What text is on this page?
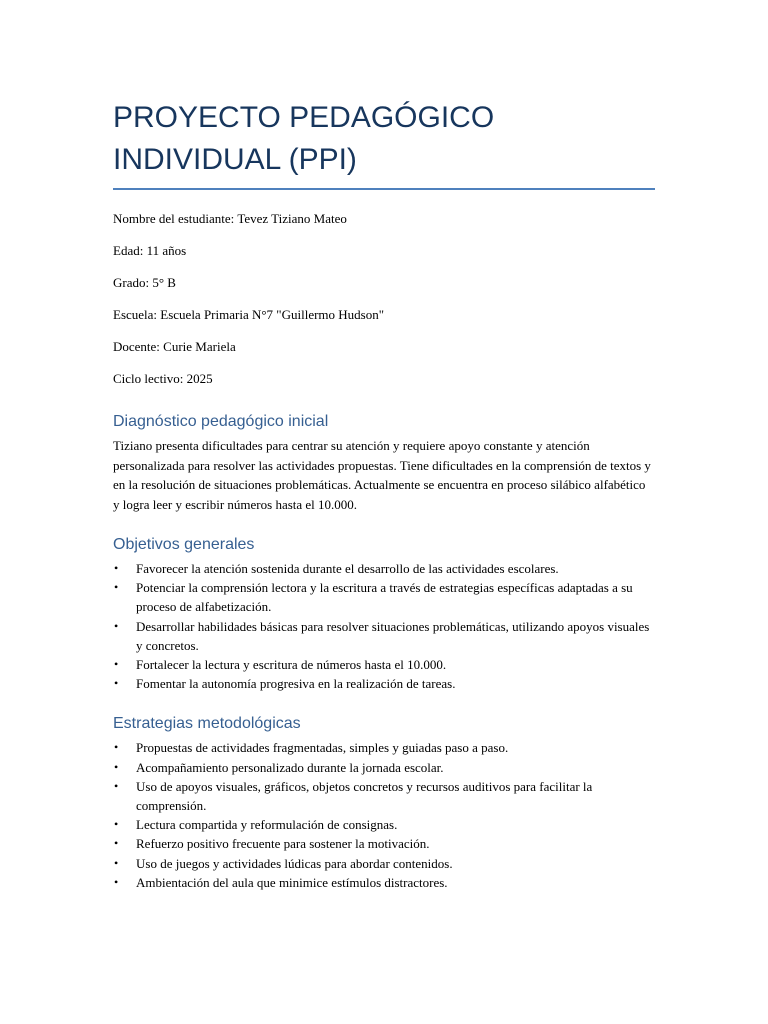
PROYECTO PEDAGÓGICO INDIVIDUAL (PPI)

Nombre del estudiante: Tevez Tiziano Mateo

Edad: 11 años

Grado: 5° B

Escuela: Escuela Primaria N°7 "Guillermo Hudson"

Docente: Curie Mariela

Ciclo lectivo: 2025

Diagnóstico pedagógico inicial

Tiziano presenta dificultades para centrar su atención y requiere apoyo constante y atención personalizada para resolver las actividades propuestas. Tiene dificultades en la comprensión de textos y en la resolución de situaciones problemáticas. Actualmente se encuentra en proceso silábico alfabético y logra leer y escribir números hasta el 10.000.

Objetivos generales
• Favorecer la atención sostenida durante el desarrollo de las actividades escolares.
• Potenciar la comprensión lectora y la escritura a través de estrategias específicas adaptadas a su proceso de alfabetización.
• Desarrollar habilidades básicas para resolver situaciones problemáticas, utilizando apoyos visuales y concretos.
• Fortalecer la lectura y escritura de números hasta el 10.000.
• Fomentar la autonomía progresiva en la realización de tareas.
Estrategias metodológicas
• Propuestas de actividades fragmentadas, simples y guiadas paso a paso.
• Acompañamiento personalizado durante la jornada escolar.
• Uso de apoyos visuales, gráficos, objetos concretos y recursos auditivos para facilitar la comprensión.
• Lectura compartida y reformulación de consignas.
• Refuerzo positivo frecuente para sostener la motivación.
• Uso de juegos y actividades lúdicas para abordar contenidos.
• Ambientación del aula que minimice estímulos distractores.
